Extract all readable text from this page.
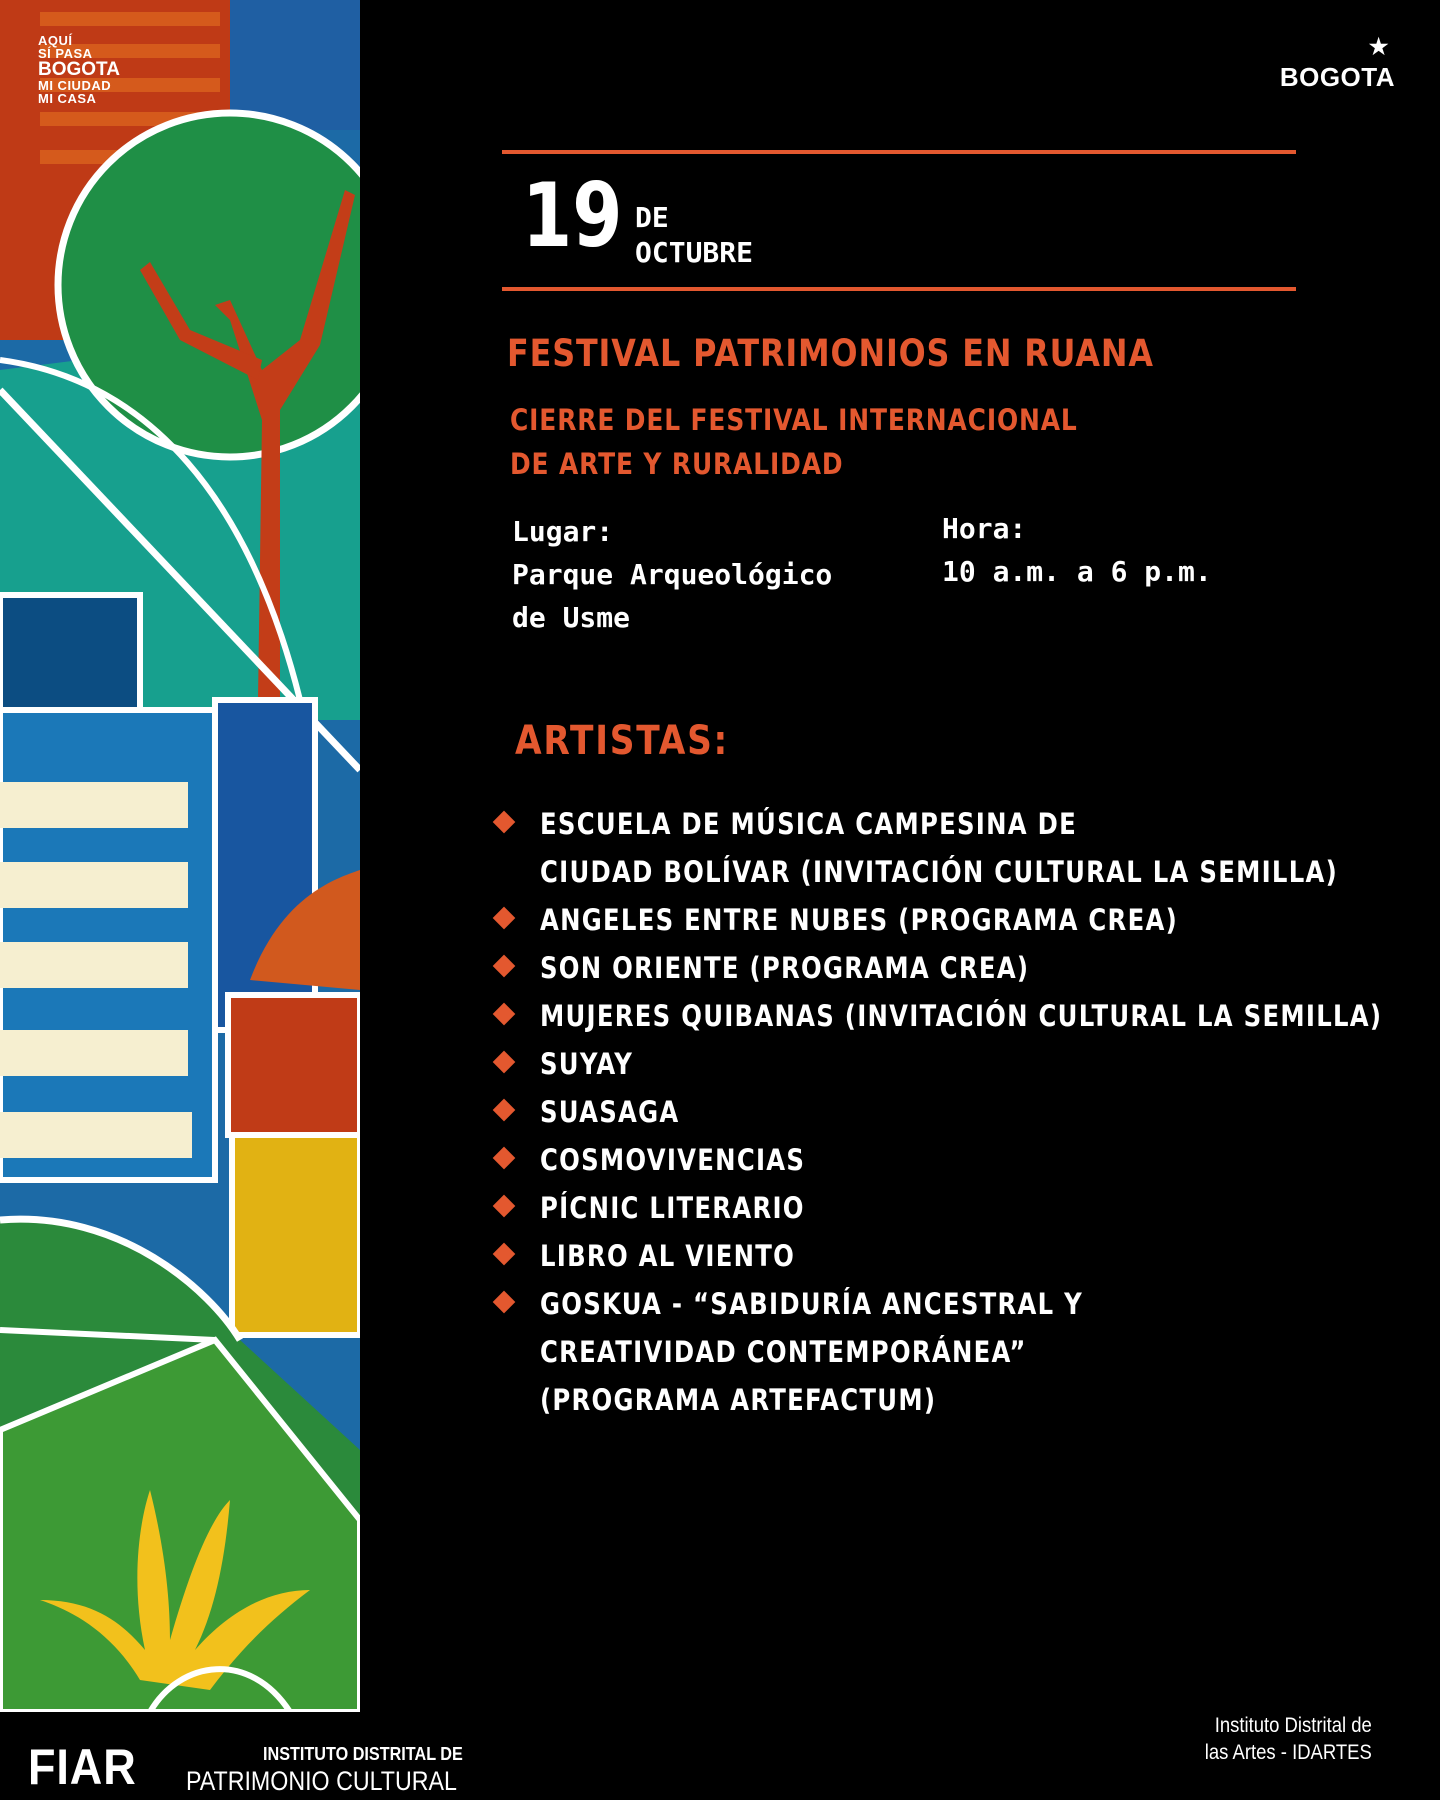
AQUÍ
SÍ PASA
BOGOTA
MI CIUDAD
MI CASA
★
BOGOTA
19 DE
OCTUBRE
FESTIVAL PATRIMONIOS EN RUANA
CIERRE DEL FESTIVAL INTERNACIONAL
DE ARTE Y RURALIDAD
Lugar:
Parque Arqueológico
de Usme
Hora:
10 a.m. a 6 p.m.
ARTISTAS:
ESCUELA DE MÚSICA CAMPESINA DE
CIUDAD BOLÍVAR (INVITACIÓN CULTURAL LA SEMILLA)
ANGELES ENTRE NUBES (PROGRAMA CREA)
SON ORIENTE (PROGRAMA CREA)
MUJERES QUIBANAS (INVITACIÓN CULTURAL LA SEMILLA)
SUYAY
SUASAGA
COSMOVIVENCIAS
PÍCNIC LITERARIO
LIBRO AL VIENTO
GOSKUA - “SABIDURÍA ANCESTRAL Y
CREATIVIDAD CONTEMPORÁNEA”
(PROGRAMA ARTEFACTUM)
FIAR	INSTITUTO DISTRITAL DE
PATRIMONIO CULTURAL
Instituto Distrital de
las Artes - IDARTES
